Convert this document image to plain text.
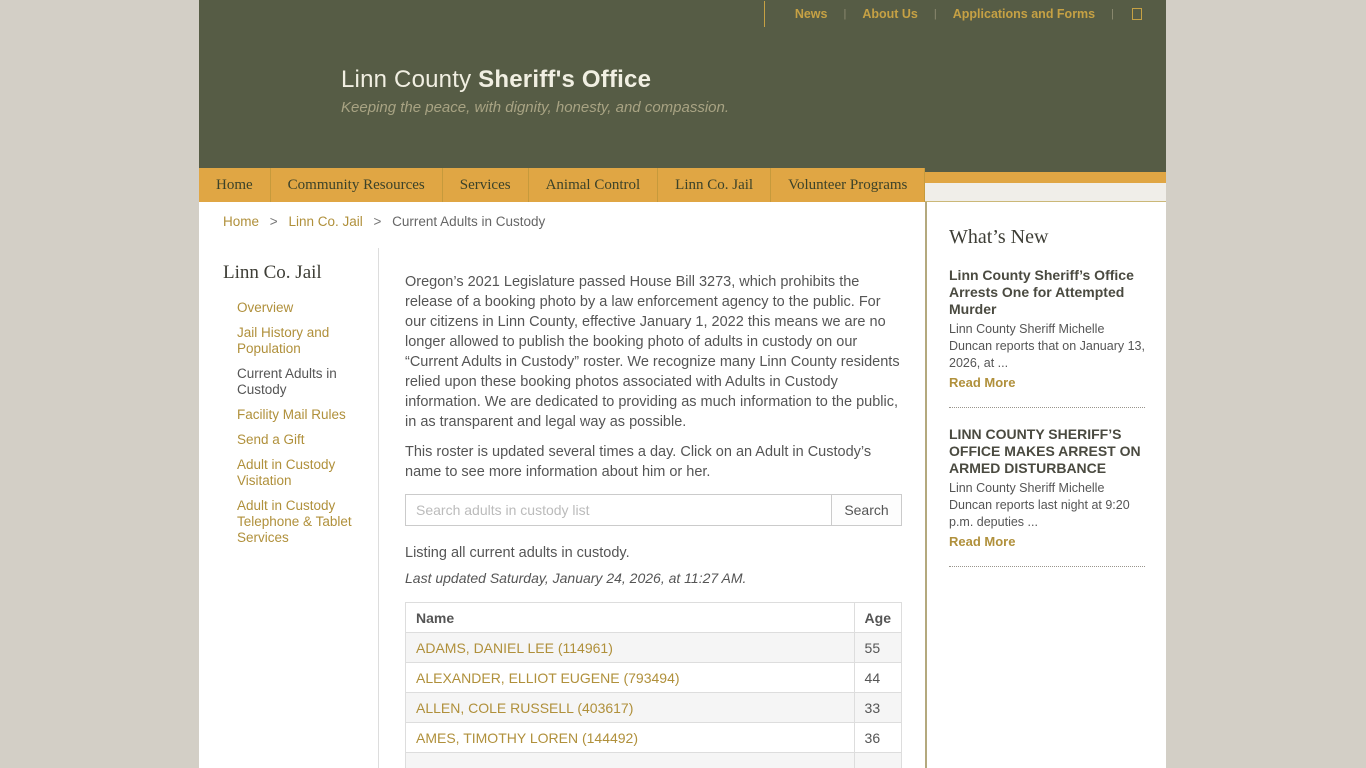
News | About Us | Applications and Forms |
Linn County Sheriff's Office
Keeping the peace, with dignity, honesty, and compassion.
Home	Community Resources	Services	Animal Control	Linn Co. Jail	Volunteer Programs
Home > Linn Co. Jail > Current Adults in Custody
Linn Co. Jail
Overview
Jail History and Population
Current Adults in Custody
Facility Mail Rules
Send a Gift
Adult in Custody Visitation
Adult in Custody Telephone & Tablet Services

Oregon’s 2021 Legislature passed House Bill 3273, which prohibits the release of a booking photo by a law enforcement agency to the public. For our citizens in Linn County, effective January 1, 2022 this means we are no longer allowed to publish the booking photo of adults in custody on our “Current Adults in Custody” roster. We recognize many Linn County residents relied upon these booking photos associated with Adults in Custody information. We are dedicated to providing as much information to the public, in as transparent and legal way as possible.

This roster is updated several times a day. Click on an Adult in Custody’s name to see more information about him or her.

Search adults in custody list
Search
Listing all current adults in custody.
Last updated Saturday, January 24, 2026, at 11:27 AM.
Name	Age
ADAMS, DANIEL LEE (114961)	55
ALEXANDER, ELLIOT EUGENE (793494)	44
ALLEN, COLE RUSSELL (403617)	33
AMES, TIMOTHY LOREN (144492)	36

What’s New
Linn County Sheriff’s Office Arrests One for Attempted Murder
Linn County Sheriff Michelle Duncan reports that on January 13, 2026, at ...
Read More
LINN COUNTY SHERIFF’S OFFICE MAKES ARREST ON ARMED DISTURBANCE
Linn County Sheriff Michelle Duncan reports last night at 9:20 p.m. deputies ...
Read More
